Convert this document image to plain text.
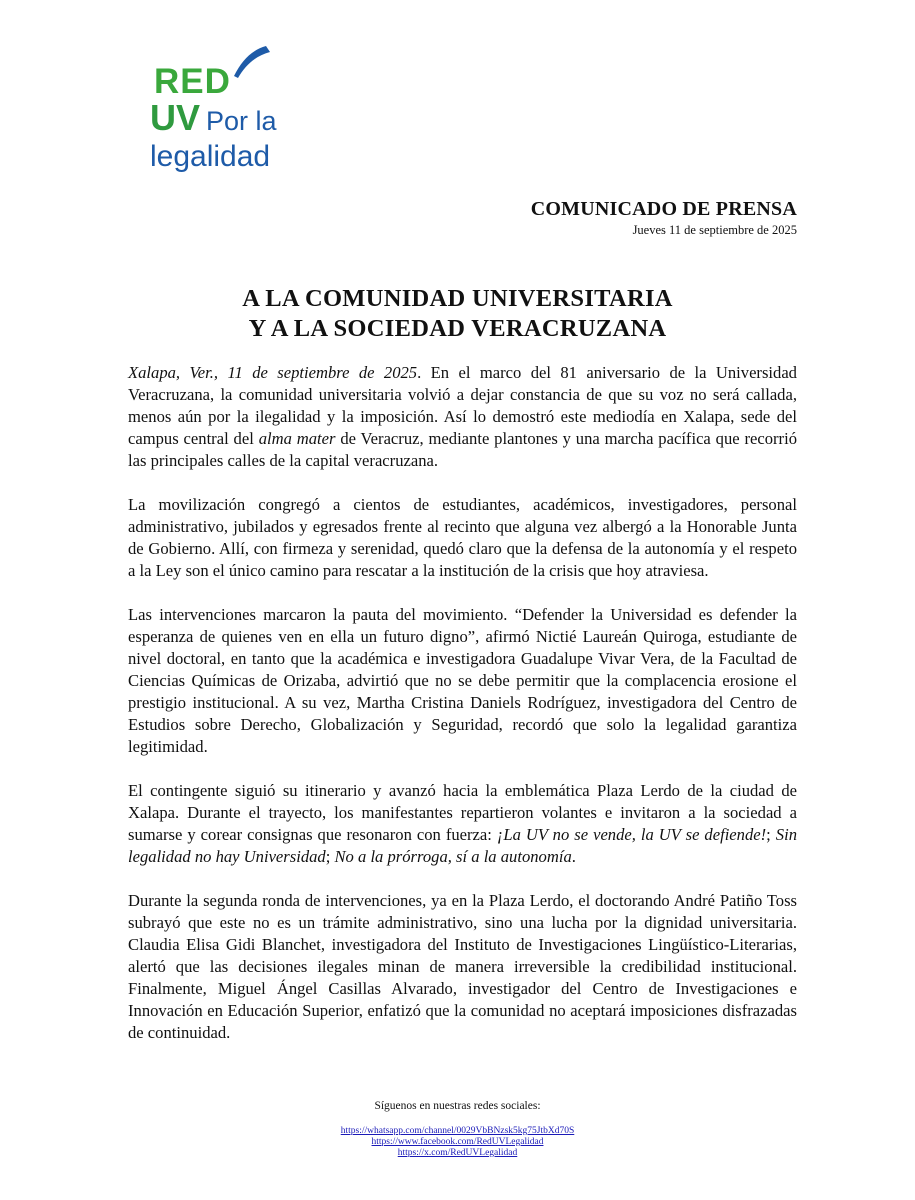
RED
UV Por la
legalidad
COMUNICADO DE PRENSA
Jueves 11 de septiembre de 2025
A LA COMUNIDAD UNIVERSITARIA
Y A LA SOCIEDAD VERACRUZANA

Xalapa, Ver., 11 de septiembre de 2025. En el marco del 81 aniversario de la Universidad Veracruzana, la comunidad universitaria volvió a dejar constancia de que su voz no será callada, menos aún por la ilegalidad y la imposición. Así lo demostró este mediodía en Xalapa, sede del campus central del alma mater de Veracruz, mediante plantones y una marcha pacífica que recorrió las principales calles de la capital veracruzana.

La movilización congregó a cientos de estudiantes, académicos, investigadores, personal administrativo, jubilados y egresados frente al recinto que alguna vez albergó a la Honorable Junta de Gobierno. Allí, con firmeza y serenidad, quedó claro que la defensa de la autonomía y el respeto a la Ley son el único camino para rescatar a la institución de la crisis que hoy atraviesa.

Las intervenciones marcaron la pauta del movimiento. “Defender la Universidad es defender la esperanza de quienes ven en ella un futuro digno”, afirmó Nictié Laureán Quiroga, estudiante de nivel doctoral, en tanto que la académica e investigadora Guadalupe Vivar Vera, de la Facultad de Ciencias Químicas de Orizaba, advirtió que no se debe permitir que la complacencia erosione el prestigio institucional. A su vez, Martha Cristina Daniels Rodríguez, investigadora del Centro de Estudios sobre Derecho, Globalización y Seguridad, recordó que solo la legalidad garantiza legitimidad.

El contingente siguió su itinerario y avanzó hacia la emblemática Plaza Lerdo de la ciudad de Xalapa. Durante el trayecto, los manifestantes repartieron volantes e invitaron a la sociedad a sumarse y corear consignas que resonaron con fuerza: ¡La UV no se vende, la UV se defiende!; Sin legalidad no hay Universidad; No a la prórroga, sí a la autonomía.

Durante la segunda ronda de intervenciones, ya en la Plaza Lerdo, el doctorando André Patiño Toss subrayó que este no es un trámite administrativo, sino una lucha por la dignidad universitaria. Claudia Elisa Gidi Blanchet, investigadora del Instituto de Investigaciones Lingüístico-Literarias, alertó que las decisiones ilegales minan de manera irreversible la credibilidad institucional. Finalmente, Miguel Ángel Casillas Alvarado, investigador del Centro de Investigaciones e Innovación en Educación Superior, enfatizó que la comunidad no aceptará imposiciones disfrazadas de continuidad.

Síguenos en nuestras redes sociales:
https://whatsapp.com/channel/0029VbBNzsk5kg75JtbXd70S
https://www.facebook.com/RedUVLegalidad
https://x.com/RedUVLegalidad
